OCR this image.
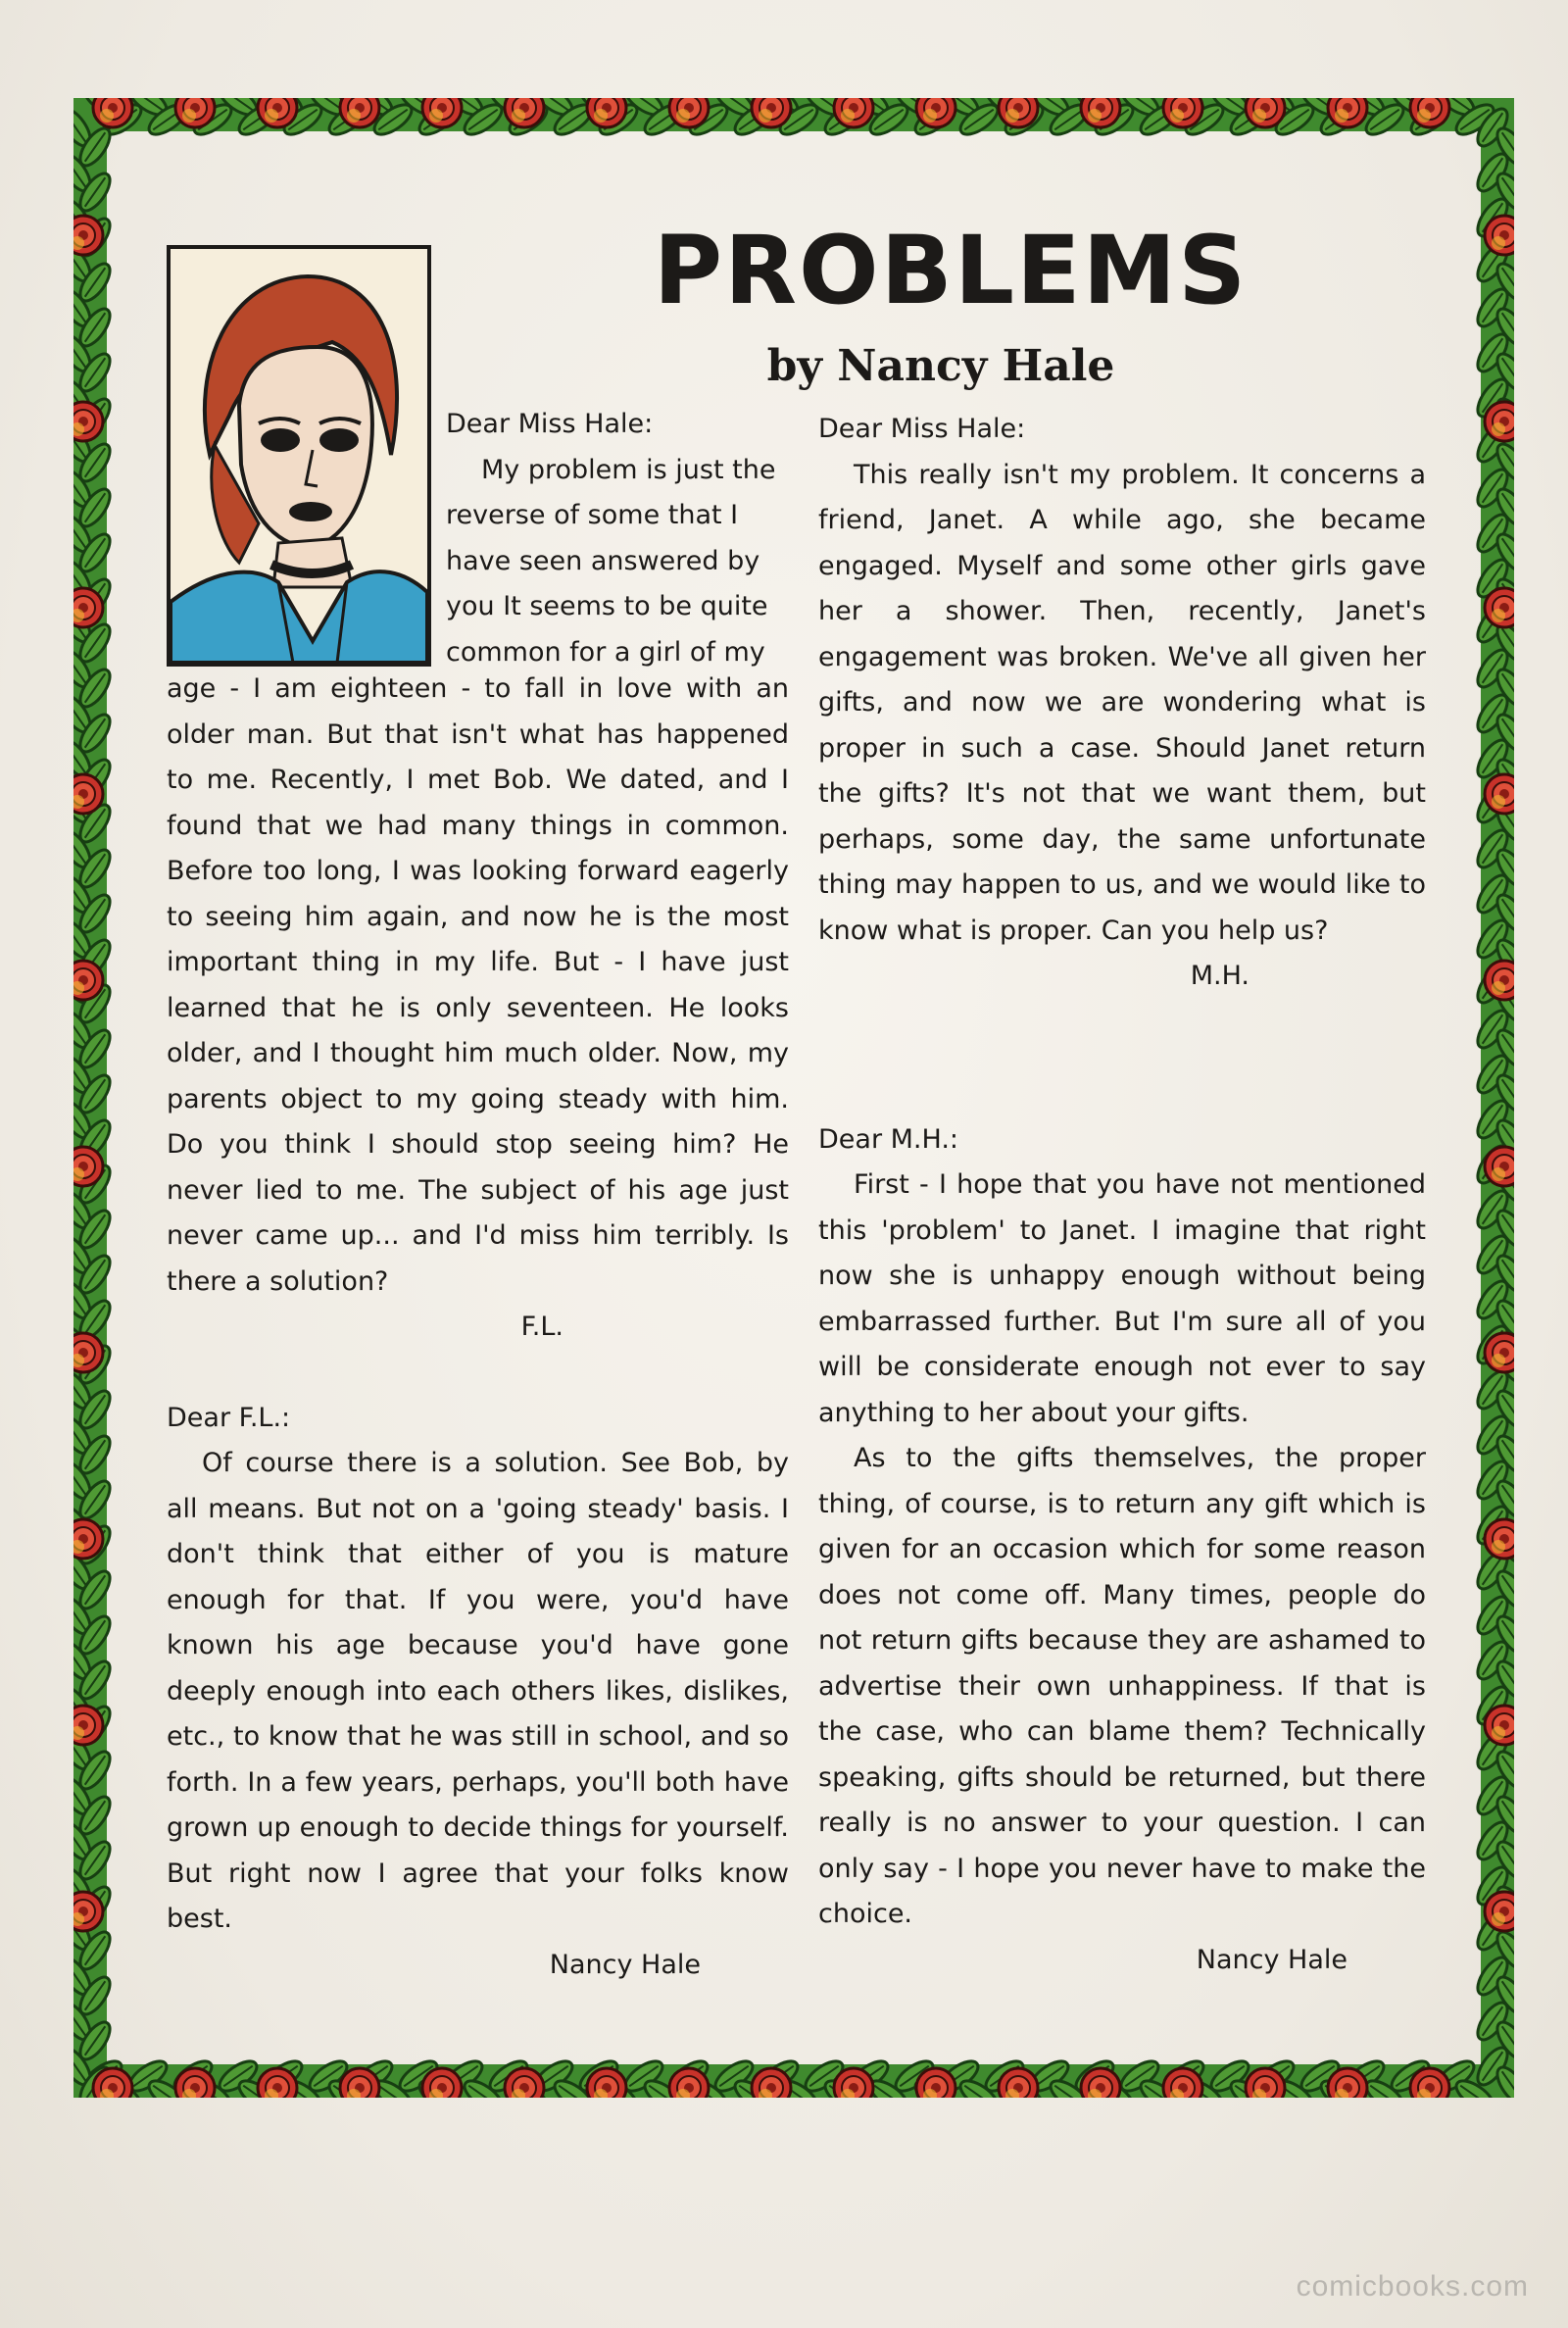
PROBLEMS
by Nancy Hale

Dear Miss Hale:

My problem is just the

reverse of some that I

have seen answered by

you It seems to be quite

common for a girl of my

age - I am eighteen - to fall in love with an older man. But that isn't what has happened to me. Recently, I met Bob. We dated, and I found that we had many things in common. Before too long, I was looking forward eagerly to seeing him again, and now he is the most important thing in my life. But - I have just learned that he is only seventeen. He looks older, and I thought him much older. Now, my parents object to my going steady with him. Do you think I should stop seeing him? He never lied to me. The subject of his age just never came up... and I'd miss him terribly. Is there a solution?

F.L.

Dear F.L.:

Of course there is a solution. See Bob, by all means. But not on a 'going steady' basis. I don't think that either of you is mature enough for that. If you were, you'd have known his age because you'd have gone deeply enough into each others likes, dislikes, etc., to know that he was still in school, and so forth. In a few years, perhaps, you'll both have grown up enough to decide things for yourself. But right now I agree that your folks know best.

Nancy Hale

Dear Miss Hale:

This really isn't my problem. It concerns a friend, Janet. A while ago, she became engaged. Myself and some other girls gave her a shower. Then, recently, Janet's engagement was broken. We've all given her gifts, and now we are wondering what is proper in such a case. Should Janet return the gifts? It's not that we want them, but perhaps, some day, the same unfortunate thing may happen to us, and we would like to know what is proper. Can you help us?

M.H.

Dear M.H.:

First - I hope that you have not mentioned this 'problem' to Janet. I imagine that right now she is unhappy enough without being embarrassed further. But I'm sure all of you will be considerate enough not ever to say anything to her about your gifts.

As to the gifts themselves, the proper thing, of course, is to return any gift which is given for an occasion which for some reason does not come off. Many times, people do not return gifts because they are ashamed to advertise their own unhappiness. If that is the case, who can blame them? Technically speaking, gifts should be returned, but there really is no answer to your question. I can only say - I hope you never have to make the choice.

Nancy Hale

comicbooks.com
